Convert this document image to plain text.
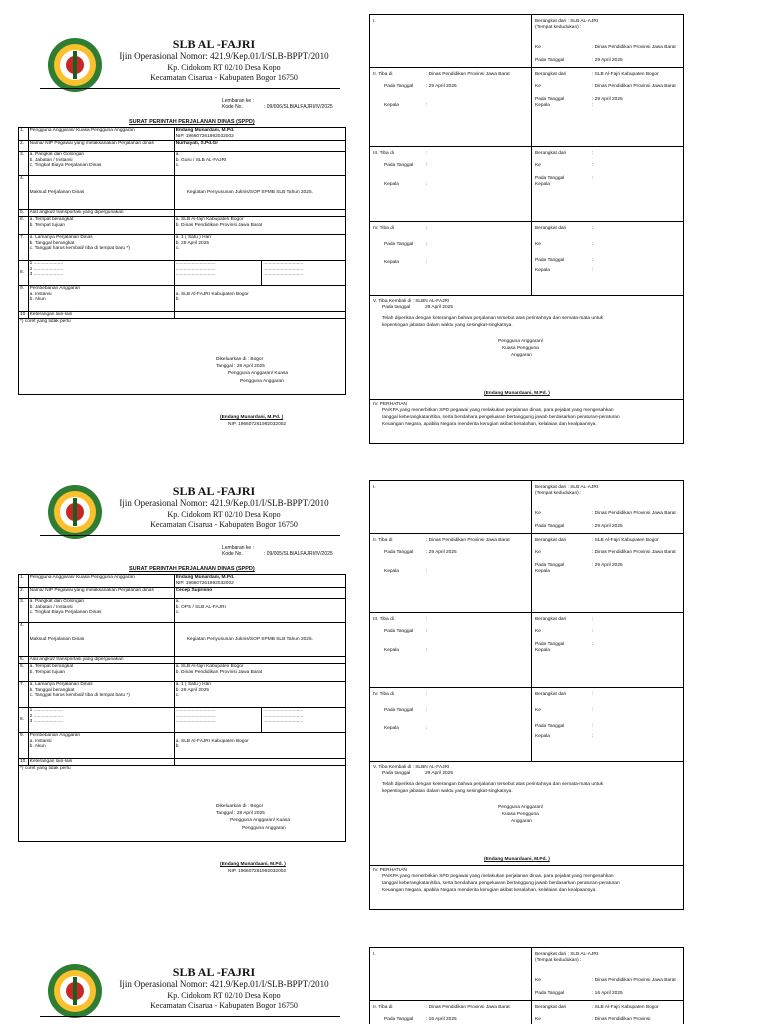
SLB AL -FAJRI
Ijin Operasional Nomor: 421.9/Kep.01/I/SLB-BPPT/2010
Kp. Cidokom RT 02/10 Desa Kopo
Kecamatan Cisarua - Kabupaten Bogor 16750
Lembaran ke :
Kode No.	: 09/006/SLB/ALFAJRI/IV/2025
SURAT PERINTAH PERJALANAN DINAS (SPPD)
1.	Pengguna Anggaran/ Kuasa Pengguna Anggaran	Endang Munardani, M.Pd.
NIP. 196607261992032002	

2.	Nama/ NIP Pegawai yang melaksanakan Perjalanan dinas	Nurhayati, S.Pd.Gr	
3.	a. Pangkat dan Golongan
b. Jabatan / Instansi
c. Tingkat Biaya Perjalanan Dinas	a.
b. Guru / SLB AL-FAJRI
c.	

4.	Maksud Perjalanan Dinas	Kegiatan Penyusunan Juknis/SOP SPMB SLB Tahun 2025.	
5.	Alat angkut/ transportasi yang dipergunakan		
6.	a. Tempat berangkat
b. Tempat tujuan	a. SLB Al-fajri Kabupaten Bogor
b. Dinas Pendidikan Provinsi Jawa Barat	

7.	a. Lamanya Perjalanan Dinas
b. Tanggal berangkat
c. Tanggal harus kembali/ tiba di tempat baru *)	a. 1 ( Satu ) Hari
b. 29 April 2025
c.	

8.	1 ......................
2 ......................
3 ......................	..............................
..............................
..............................	..............................
..............................
..............................

9.	Pembebanan Anggaran
a. Instansi
b. Akun	a. SLB Al-FAJRI Kabupaten Bogor
b.	

10.	Keterangan lain-lain		
*) coret yang tidak perlu			
Dikeluarkan di : Bogor
Tanggal : 28 April 2025
Pengguna Anggaran/ Kuasa
Pengguna Anggaran
(Endang Munardani, M.Pd. )
NIP. 196607261992032002
I.	Berangkat dari : SLB AL-AJRI
(Tempat kedudukan) :
Ke	: Dinas Pendidikan Provinsi Jawa Barat
Pada Tanggal	: 29 April 2025
II. Tiba di	: Dinas Pendidikan Provinsi Jawa Barat
Pada Tanggal	: 29 April 2025
Kepala	:
Berangkat dari	: SLB Al-Fajri Kabupaten Bogor
Ke	: Dinas Pendidikan Provinsi Jawa Barat
Pada Tanggal	: 29 April 2025
Kepala	:
III. Tiba di	:
Pada Tanggal	:
Kepala	:
Berangkat dari	:
Ke	:
Pada Tanggal	:
Kepala
IV. Tiba di	:
Pada Tanggal	:
Kepala	:
Berangkat dari	:
Ke	:
Pada Tanggal	:
Kepala	:
V. Tiba Kembali di : SLBN AL-FAJRI
Pada tanggal	29 April 2025
Telah diperiksa dengan keterangan bahwa perjalanan tersebut atas perintahnya dan semata-mata untuk
kepentingan jabatan dalam waktu yang sesingkat-singkatnya.
Pengguna Anggaran/
Kuasa Pengguna
Anggaran
(Endang Munardaani, M.Pd. )
IV. PERHATIAN
PA/KPA yang menerbitkan SPD pegawai yang melakukan perjalanan dinas, para pejabat yang mengesahkan
tanggal keberangkatan/tiba, serta bendahara pengeluaran bertanggung jawab berdasarkan peraturan-peraturan
Keuangan Negara, apabila Negara menderita kerugian akibat kesalahan, kelalaian dan kealpaannya.
SLB AL -FAJRI
Ijin Operasional Nomor: 421.9/Kep.01/I/SLB-BPPT/2010
Kp. Cidokom RT 02/10 Desa Kopo
Kecamatan Cisarua - Kabupaten Bogor 16750
Lembaran ke :
Kode No.	: 09/005/SLB/ALFAJRI/IV/2025
SURAT PERINTAH PERJALANAN DINAS (SPPD)
1.	Pengguna Anggaran/ Kuasa Pengguna Anggaran	Endang Munardani, M.Pd.
NIP. 196607261992032002	

2.	Nama/ NIP Pegawai yang melaksanakan Perjalanan dinas	Cecep Suprisno	
3.	a. Pangkat dan Golongan
b. Jabatan / Instansi
c. Tingkat Biaya Perjalanan Dinas	a.
b. OPS / SLB AL-FAJRI
c.	

4.	Maksud Perjalanan Dinas	Kegiatan Penyusunan Juknis/SOP SPMB SLB Tahun 2025.	
5.	Alat angkut/ transportasi yang dipergunakan		
6.	a. Tempat berangkat
b. Tempat tujuan	a. SLB Al-fajri Kabupaten Bogor
b. Dinas Pendidikan Provinsi Jawa Barat	

7.	a. Lamanya Perjalanan Dinas
b. Tanggal berangkat
c. Tanggal harus kembali/ tiba di tempat baru *)	a. 1 ( Satu ) Hari
b. 29 April 2025
c.	

8.	1 ......................
2 ......................
3 ......................	..............................
..............................
..............................	..............................
..............................
..............................

9.	Pembebanan Anggaran
a. Instansi
b. Akun	a. SLB Al-FAJRI Kabupaten Bogor
b.	

10.	Keterangan lain-lain		
*) coret yang tidak perlu			
Dikeluarkan di : Bogor
Tanggal : 28 April 2025
Pengguna Anggaran/ Kuasa
Pengguna Anggaran
(Endang Munardaani, M.Pd. )
NIP. 196607261992032002
I.	Berangkat dari : SLB AL-AJRI
(Tempat kedudukan) :
Ke	: Dinas Pendidikan Provinsi Jawa Barat
Pada Tanggal	: 29 April 2025
II. Tiba di	: Dinas Pendidikan Provinsi Jawa Barat
Pada Tanggal	: 29 April 2025
Kepala	:
Berangkat dari	: SLB Al-Fajri Kabupaten Bogor
Ke	: Dinas Pendidikan Provinsi Jawa Barat
Pada Tanggal	: 29 April 2025
Kepala
III. Tiba di	:
Pada Tanggal	:
Kepala	:
Berangkat dari	:
Ke	:
Pada Tanggal	:
Kepala
IV. Tiba di	:
Pada Tanggal	:
Kepala	:
Berangkat dari	:
Ke	:
Pada Tanggal	:
Kepala	:
V. Tiba Kembali di : SLBN AL-FAJRI
Pada tanggal	29 April 2025
Telah diperiksa dengan keterangan bahwa perjalanan tersebut atas perintahnya dan semata-mata untuk
kepentingan jabatan dalam waktu yang sesingkat-singkatnya.
Pengguna Anggaran/
Kuasa Pengguna
Anggaran
(Endang Munardaani, M.Pd. )
IV. PERHATIAN
PA/KPA yang menerbitkan SPD pegawai yang melakukan perjalanan dinas, para pejabat yang mengesahkan
tanggal keberangkatan/tiba, serta bendahara pengeluaran bertanggung jawab berdasarkan peraturan-peraturan
Keuangan Negara, apabila Negara menderita kerugian akibat kesalahan, kelalaian dan kealpaannya.
SLB AL -FAJRI
Ijin Operasional Nomor: 421.9/Kep.01/I/SLB-BPPT/2010
Kp. Cidokom RT 02/10 Desa Kopo
Kecamatan Cisarua - Kabupaten Bogor 16750
I.	Berangkat dari : SLB AL-AJRI
(Tempat kedudukan) :
Ke	: Dinas Pendidikan Provinsi Jawa Barat
Pada Tanggal	: 16 April 2025
II. Tiba di	: Dinas Pendidikan Provinsi Jawa Barat
Pada Tanggal	: 16 April 2025
Berangkat dari	: SLB Al-Fajri Kabupaten Bogor
Ke	: Dinas Pendidikan Provinsi
